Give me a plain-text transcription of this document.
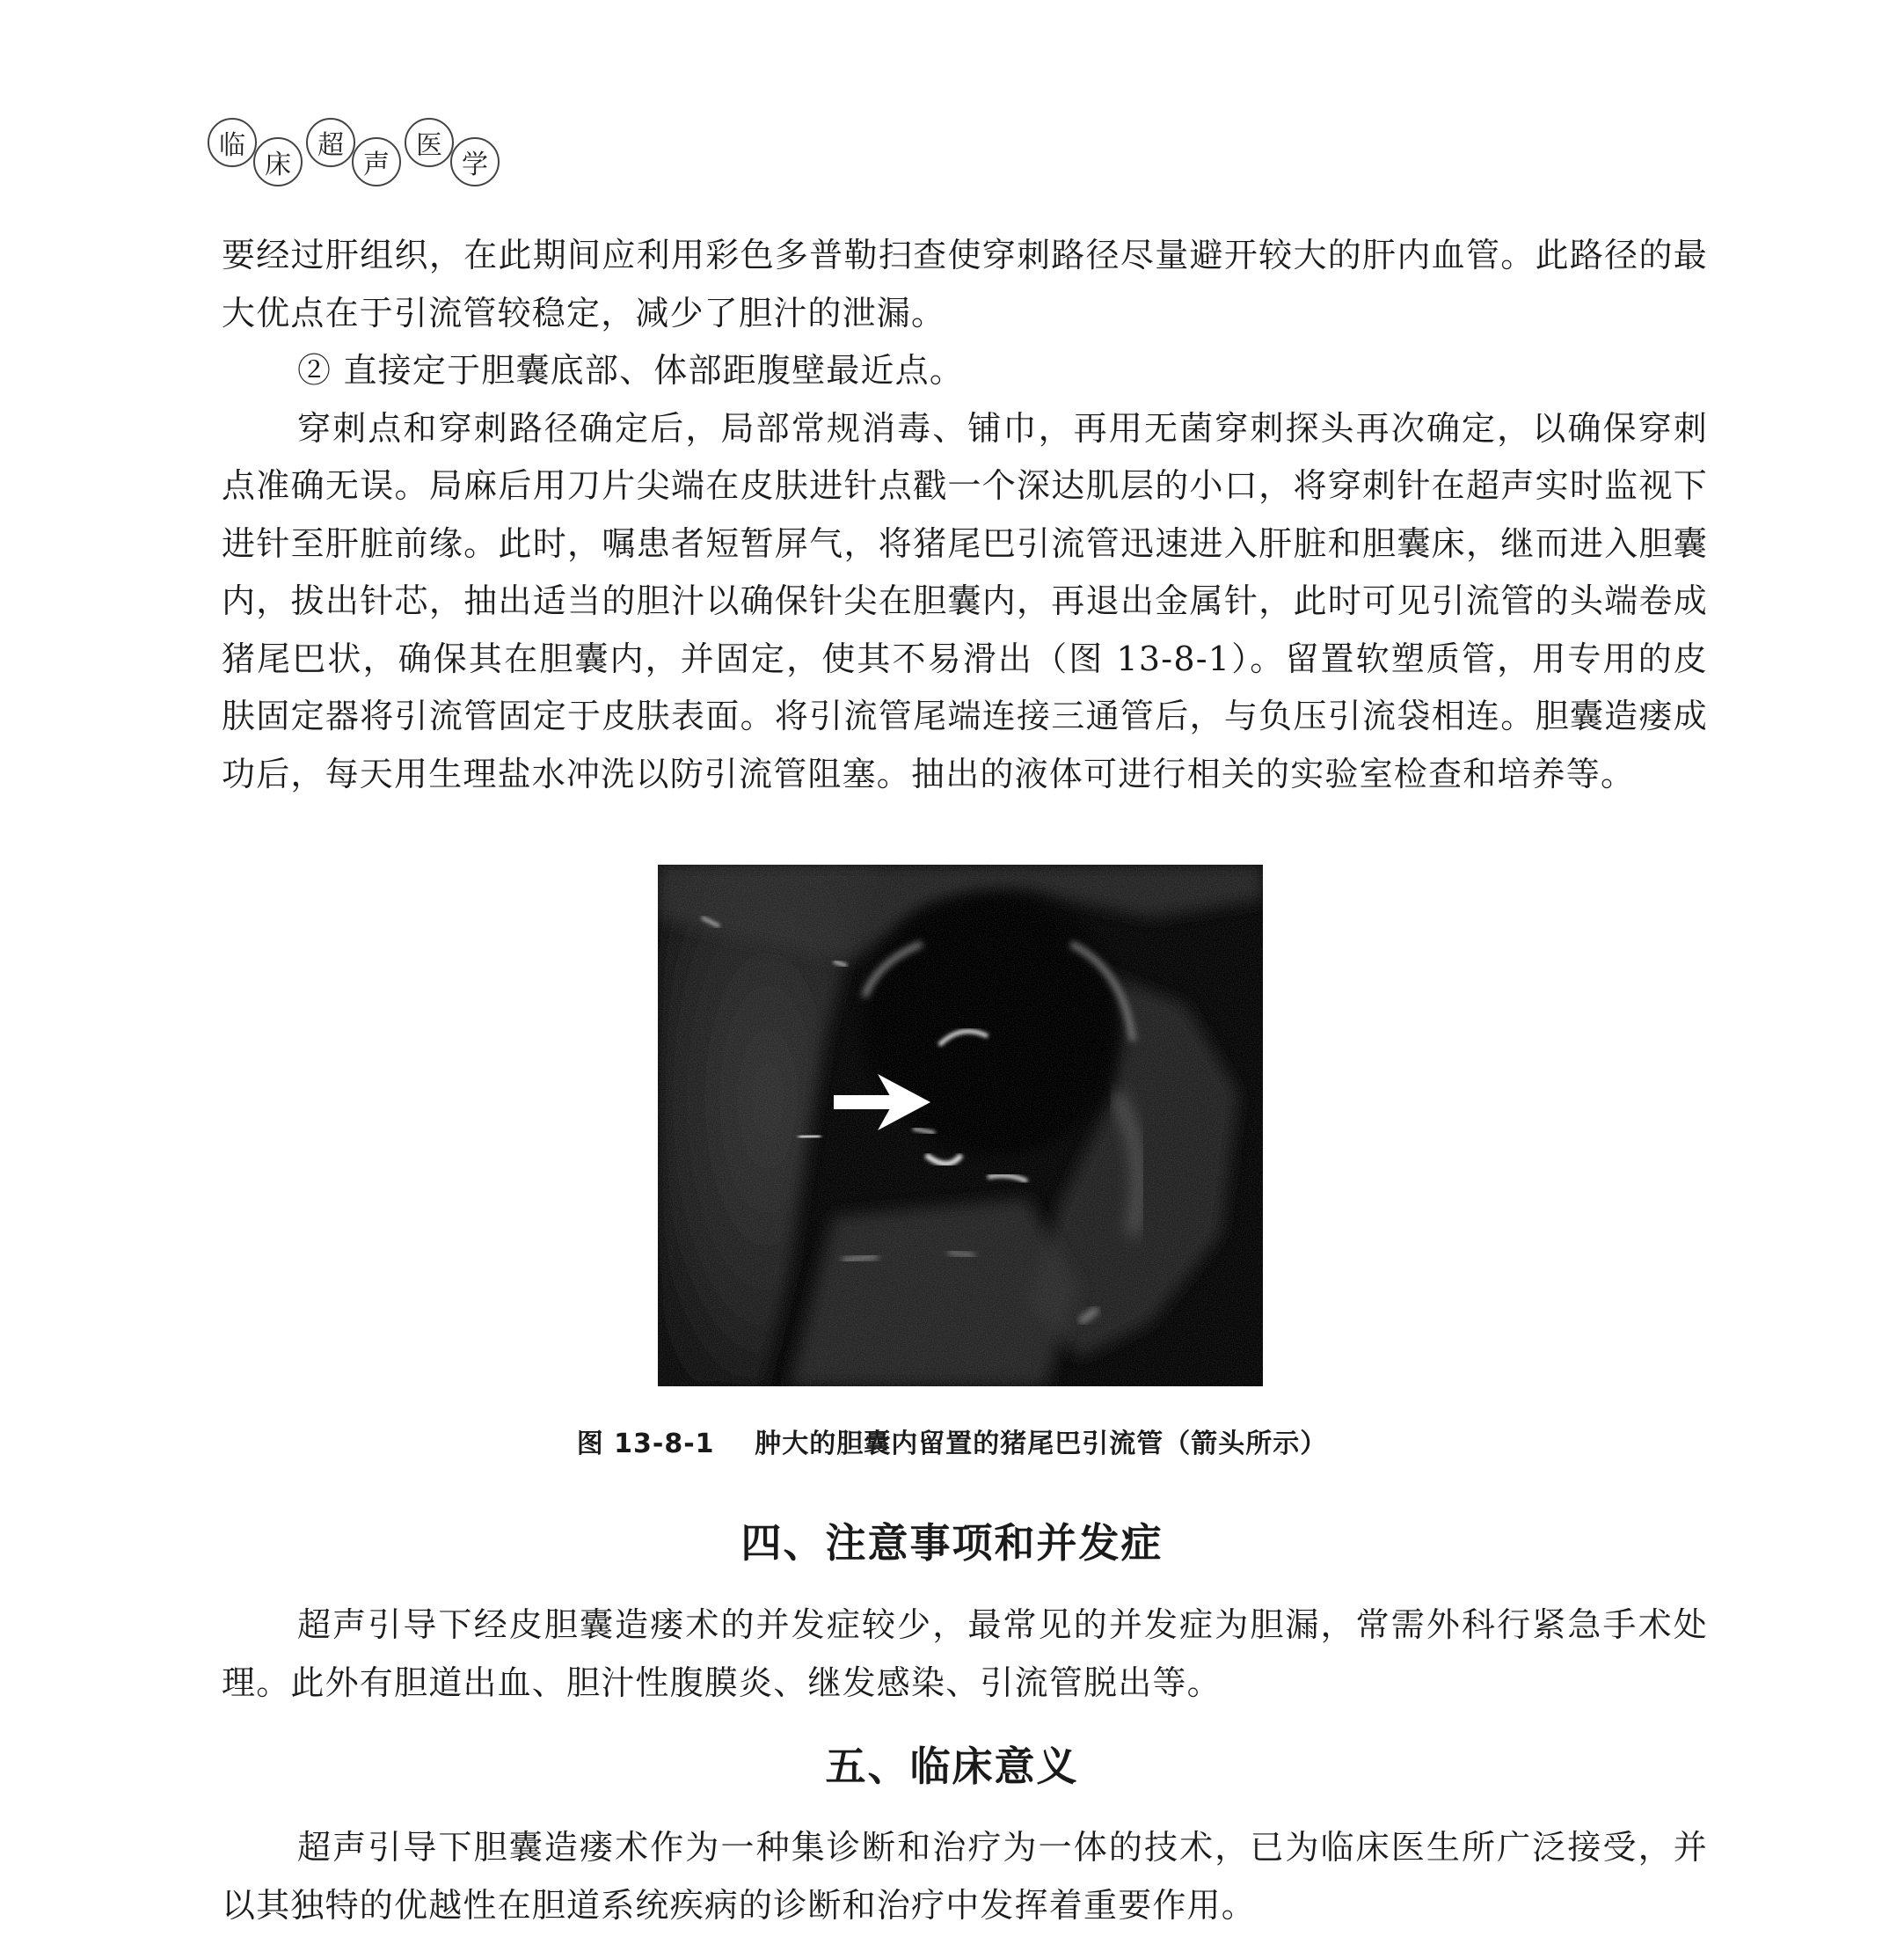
临
床
超
声
医
学

要经过肝组织，在此期间应利用彩色多普勒扫查使穿刺路径尽量避开较大的肝内血管。此路径的最大优点在于引流管较稳定，减少了胆汁的泄漏。

② 直接定于胆囊底部、体部距腹壁最近点。

穿刺点和穿刺路径确定后，局部常规消毒、铺巾，再用无菌穿刺探头再次确定，以确保穿刺点准确无误。局麻后用刀片尖端在皮肤进针点戳一个深达肌层的小口，将穿刺针在超声实时监视下进针至肝脏前缘。此时，嘱患者短暂屏气，将猪尾巴引流管迅速进入肝脏和胆囊床，继而进入胆囊内，拔出针芯，抽出适当的胆汁以确保针尖在胆囊内，再退出金属针，此时可见引流管的头端卷成猪尾巴状，确保其在胆囊内，并固定，使其不易滑出（图 13-8-1）。留置软塑质管，用专用的皮肤固定器将引流管固定于皮肤表面。将引流管尾端连接三通管后，与负压引流袋相连。胆囊造瘘成功后，每天用生理盐水冲洗以防引流管阻塞。抽出的液体可进行相关的实验室检查和培养等。

图 13-8-1    肿大的胆囊内留置的猪尾巴引流管（箭头所示）
四、注意事项和并发症

超声引导下经皮胆囊造瘘术的并发症较少，最常见的并发症为胆漏，常需外科行紧急手术处理。此外有胆道出血、胆汁性腹膜炎、继发感染、引流管脱出等。

五、临床意义

超声引导下胆囊造瘘术作为一种集诊断和治疗为一体的技术，已为临床医生所广泛接受，并以其独特的优越性在胆道系统疾病的诊断和治疗中发挥着重要作用。
